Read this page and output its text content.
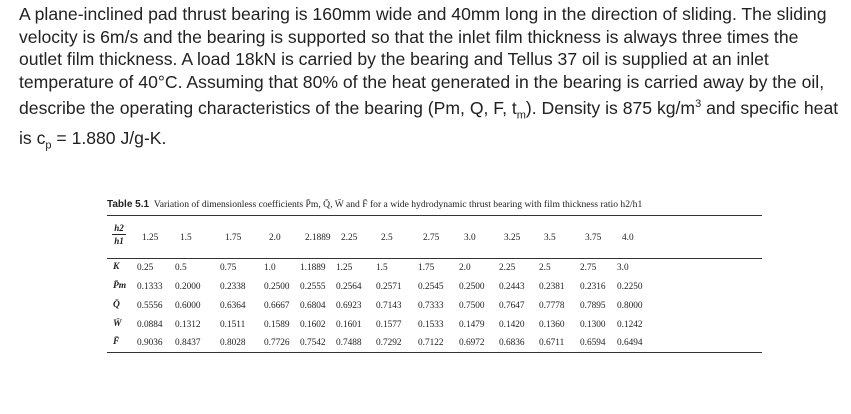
A plane-inclined pad thrust bearing is 160mm wide and 40mm long in the direction of sliding. The sliding velocity is 6m/s and the bearing is supported so that the inlet film thickness is always three times the outlet film thickness. A load 18kN is carried by the bearing and Tellus 37 oil is supplied at an inlet temperature of 40°C. Assuming that 80% of the heat generated in the bearing is carried away by the oil, describe the operating characteristics of the bearing (Pm, Q, F, $t_m$). Density is 875 $kg/m^3$ and specific heat is $c_p = 1.880$ J/g-K.
Table 5.1 Variation of dimensionless coefficients P̄m, Q̄, W̄ and F̄ for a wide hydrodynamic thrust bearing with film thickness ratio h2/h1
h2
h1 1.25 1.5	1.75	2.0	2.1889 2.25	2.5	2.75	3.0	3.25	3.5	3.75 4.0
K 0.25 0.5	0.75	1.0	1.1889 1.25	1.5	1.75	2.0	2.25	2.5	2.75 3.0
P̄m 0.1333 0.2000 0.2338 0.2500 0.2555 0.2564 0.2571 0.2545 0.2500 0.2443 0.2381 0.2316 0.2250
Q̄ 0.5556 0.6000 0.6364 0.6667 0.6804 0.6923 0.7143 0.7333 0.7500 0.7647 0.7778 0.7895 0.8000
W̄ 0.0884 0.1312 0.1511 0.1589 0.1602 0.1601 0.1577 0.1533 0.1479 0.1420 0.1360 0.1300 0.1242
F̄ 0.9036 0.8437 0.8028 0.7726 0.7542 0.7488 0.7292 0.7122 0.6972 0.6836 0.6711 0.6594 0.6494
